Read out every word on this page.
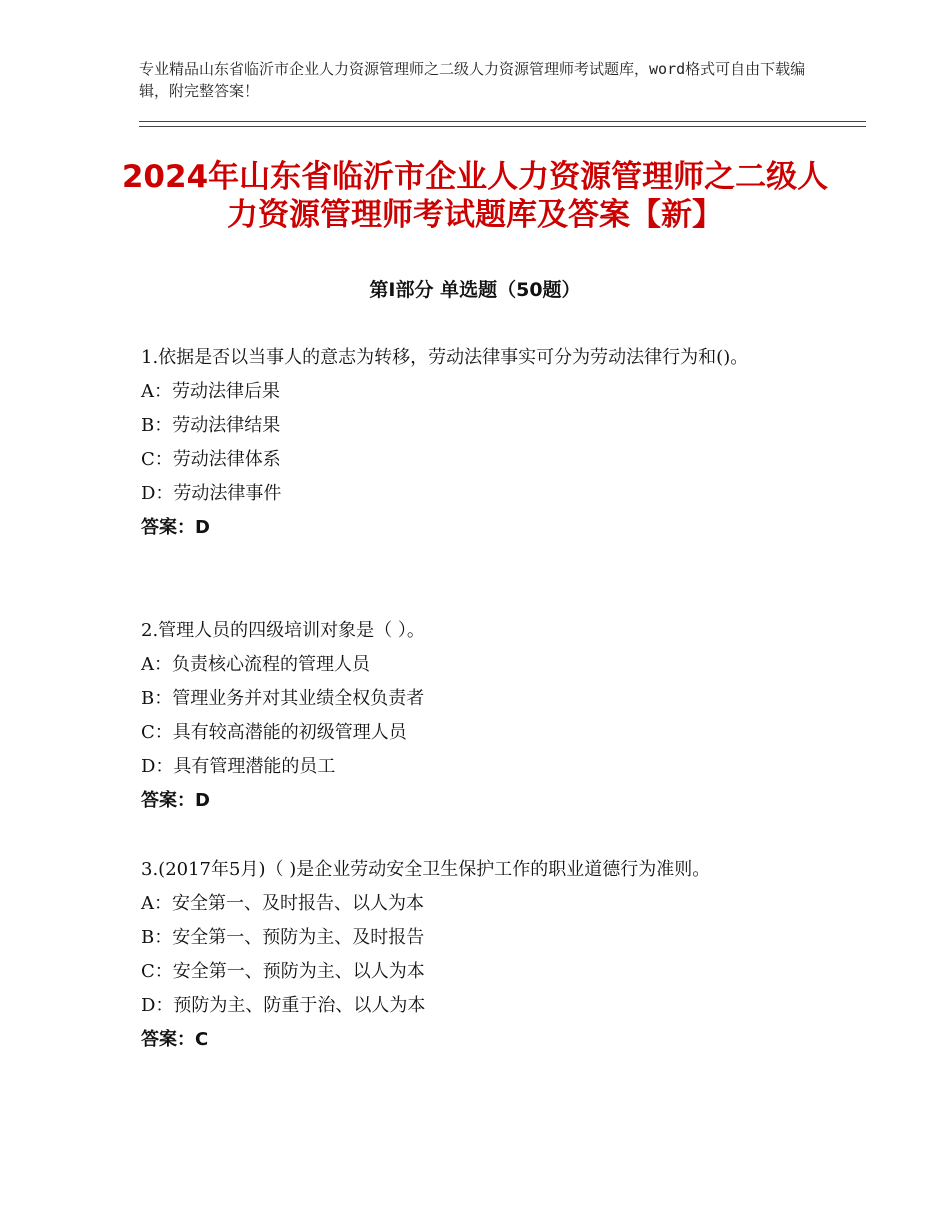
专业精品山东省临沂市企业人力资源管理师之二级人力资源管理师考试题库，word格式可自由下载编辑，附完整答案！
2024年山东省临沂市企业人力资源管理师之二级人力资源管理师考试题库及答案【新】
第Ⅰ部分 单选题（50题）

1.依据是否以当事人的意志为转移，劳动法律事实可分为劳动法律行为和()。

A：劳动法律后果

B：劳动法律结果

C：劳动法律体系

D：劳动法律事件

答案：D

2.管理人员的四级培训对象是（ ）。

A：负责核心流程的管理人员

B：管理业务并对其业绩全权负责者

C：具有较高潜能的初级管理人员

D：具有管理潜能的员工

答案：D

3.(2017年5月)（ )是企业劳动安全卫生保护工作的职业道德行为准则。

A：安全第一、及时报告、以人为本

B：安全第一、预防为主、及时报告

C：安全第一、预防为主、以人为本

D：预防为主、防重于治、以人为本

答案：C
